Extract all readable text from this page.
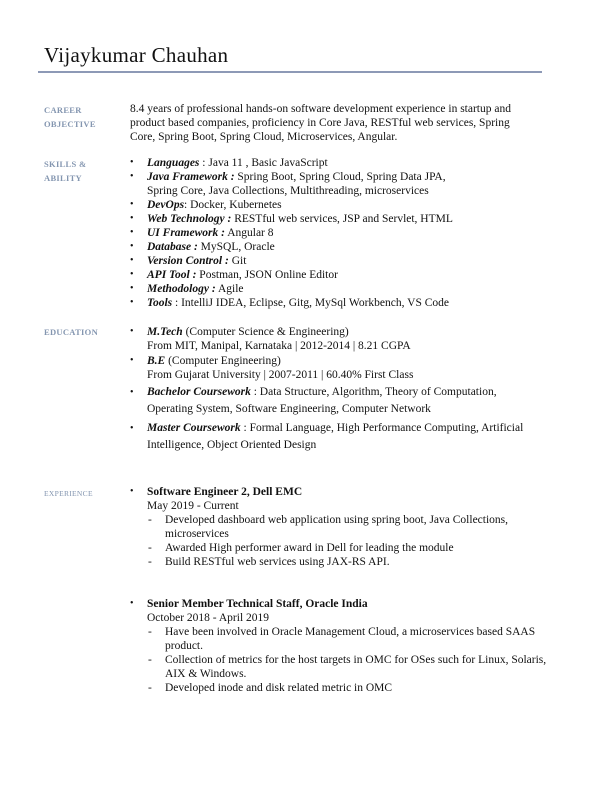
Vijaykumar Chauhan
CAREER
OBJECTIVE
8.4 years of professional hands-on software development experience in startup and product based companies, proficiency in Core Java, RESTful web services, Spring Core, Spring Boot, Spring Cloud, Microservices, Angular.
SKILLS &
ABILITY
• Languages : Java 11 , Basic JavaScript
• Java Framework : Spring Boot, Spring Cloud, Spring Data JPA, Spring Core, Java Collections, Multithreading, microservices
• DevOps: Docker, Kubernetes
• Web Technology : RESTful web services, JSP and Servlet, HTML
• UI Framework : Angular 8
• Database : MySQL, Oracle
• Version Control : Git
• API Tool : Postman, JSON Online Editor
• Methodology : Agile
• Tools : IntelliJ IDEA, Eclipse, Gitg, MySql Workbench, VS Code
EDUCATION	• M.Tech (Computer Science & Engineering)
From MIT, Manipal, Karnataka | 2012-2014 | 8.21 CGPA
• B.E (Computer Engineering)
From Gujarat University | 2007-2011 | 60.40% First Class
• Bachelor Coursework : Data Structure, Algorithm, Theory of Computation, Operating System, Software Engineering, Computer Network
• Master Coursework : Formal Language, High Performance Computing, Artificial Intelligence, Object Oriented Design
EXPERIENCE	• Software Engineer 2, Dell EMC
May 2019 - Current
- Developed dashboard web application using spring boot, Java Collections, microservices
- Awarded High performer award in Dell for leading the module
- Build RESTful web services using JAX-RS API.
• Senior Member Technical Staff, Oracle India
October 2018 - April 2019
- Have been involved in Oracle Management Cloud, a microservices based SAAS product.
- Collection of metrics for the host targets in OMC for OSes such for Linux, Solaris, AIX & Windows.
- Developed inode and disk related metric in OMC
